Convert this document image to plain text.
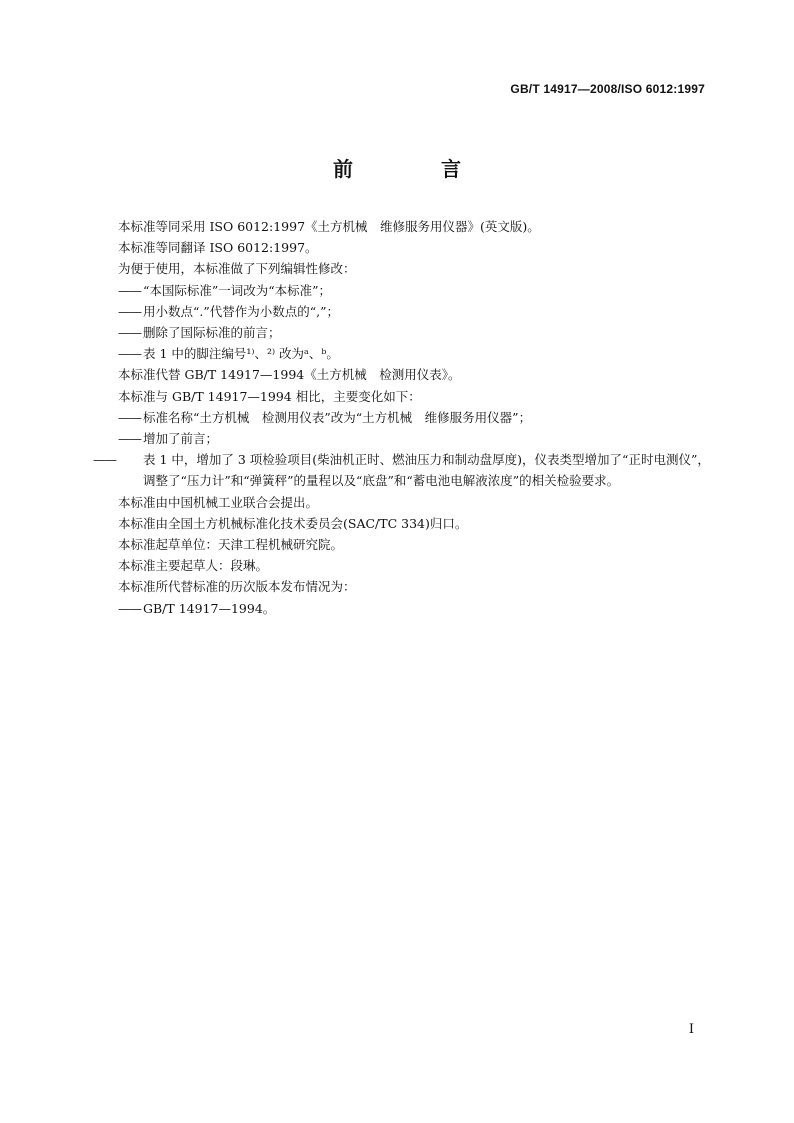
GB/T 14917—2008/ISO 6012:1997
前　言
本标准等同采用 ISO 6012:1997《土方机械　维修服务用仪器》(英文版)。
本标准等同翻译 ISO 6012:1997。
为便于使用，本标准做了下列编辑性修改：
—— “本国际标准”一词改为“本标准”；
—— 用小数点“.”代替作为小数点的“,”；
—— 删除了国际标准的前言；
—— 表 1 中的脚注编号¹⁾、²⁾ 改为ᵃ、ᵇ。
本标准代替 GB/T 14917—1994《土方机械　检测用仪表》。
本标准与 GB/T 14917—1994 相比，主要变化如下：
—— 标准名称“土方机械　检测用仪表”改为“土方机械　维修服务用仪器”；
—— 增加了前言；
—— 表 1 中，增加了 3 项检验项目(柴油机正时、燃油压力和制动盘厚度)，仪表类型增加了“正时电测仪”，调整了“压力计”和“弹簧秤”的量程以及“底盘”和“蓄电池电解液浓度”的相关检验要求。
本标准由中国机械工业联合会提出。
本标准由全国土方机械标准化技术委员会(SAC/TC 334)归口。
本标准起草单位：天津工程机械研究院。
本标准主要起草人：段琳。
本标准所代替标准的历次版本发布情况为：
—— GB/T 14917—1994。
I
